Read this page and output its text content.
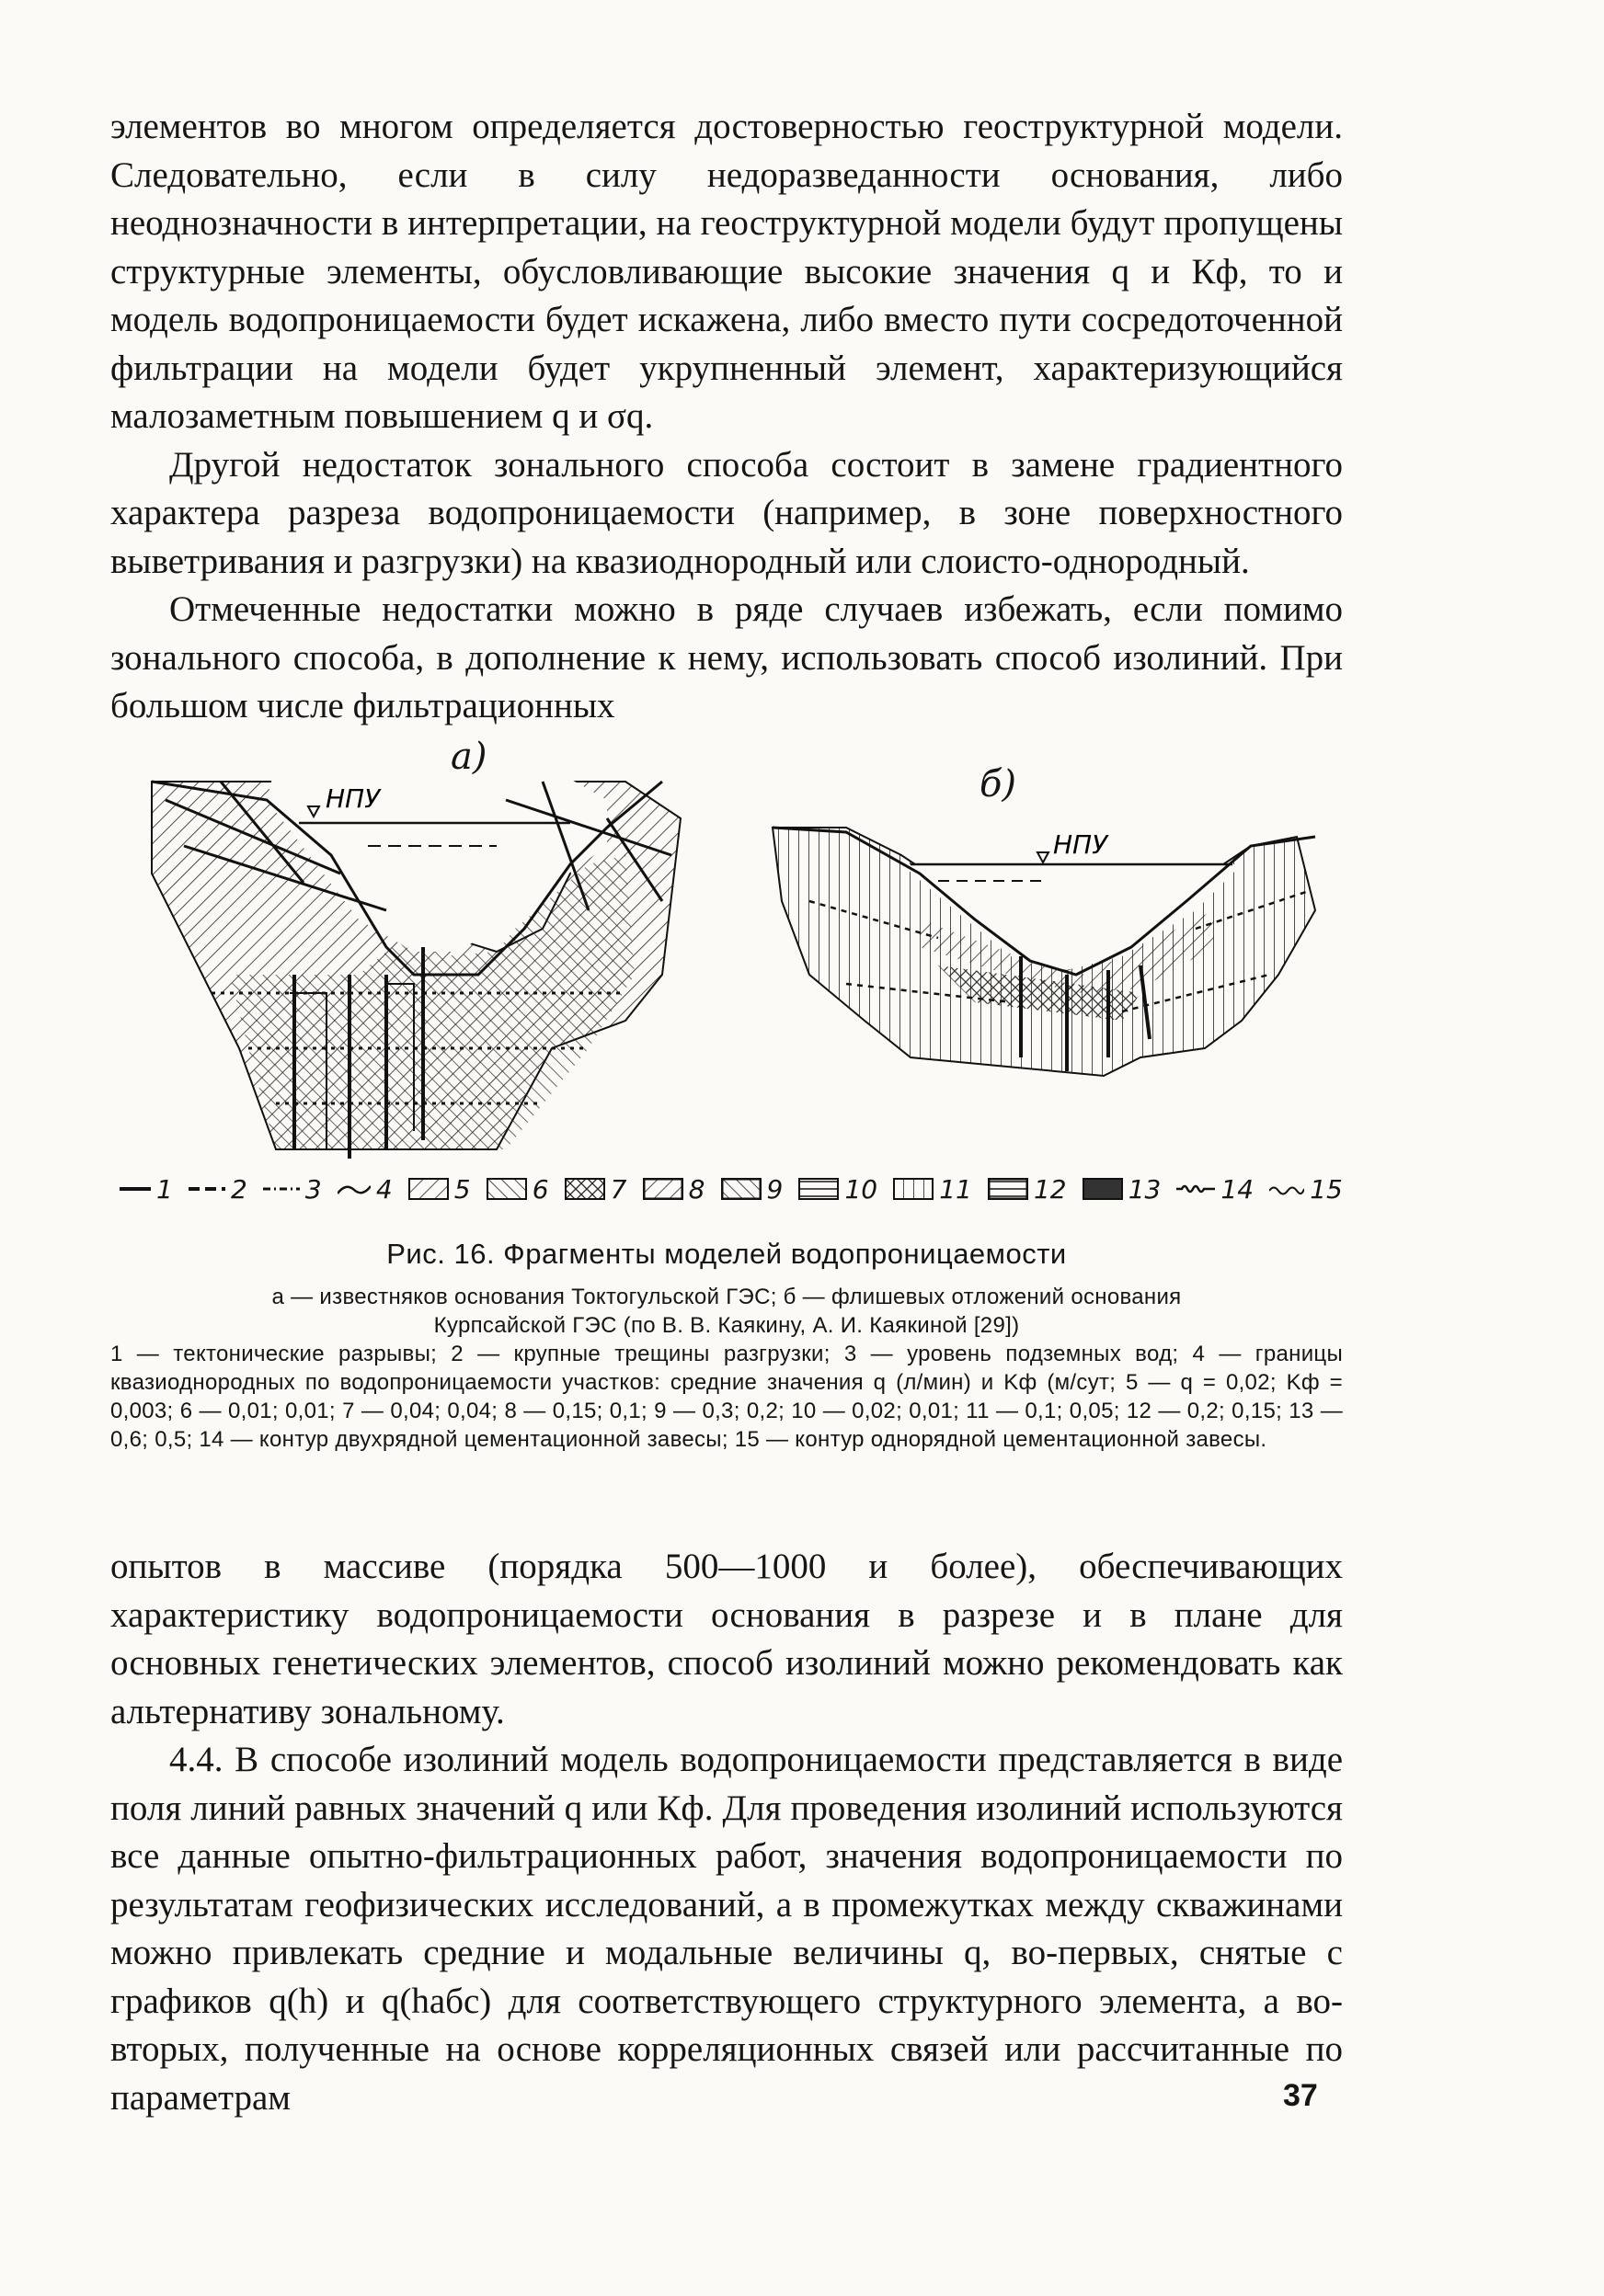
элементов во многом определяется достоверностью геоструктурной модели. Следовательно, если в силу недоразведанности основания, либо неоднозначности в интерпретации, на геоструктурной модели будут пропущены структурные элементы, обусловливающие высокие значения q и Кф, то и модель водопроницаемости будет искажена, либо вместо пути сосредоточенной фильтрации на модели будет укрупненный элемент, характеризующийся малозаметным повышением q и σq.

Другой недостаток зонального способа состоит в замене градиентного характера разреза водопроницаемости (например, в зоне поверхностного выветривания и разгрузки) на квазиоднородный или слоисто-однородный.

Отмеченные недостатки можно в ряде случаев избежать, если помимо зонального способа, в дополнение к нему, использовать способ изолиний. При большом числе фильтрационных

НПУ
НПУ
а)
б)
1 2 3 4 5 6 7 8 9 10 11 12 13 14 15
Рис. 16. Фрагменты моделей водопроницаемости

а — известняков основания Токтогульской ГЭС; б — флишевых отложений основания

Курпсайской ГЭС (по В. В. Каякину, А. И. Каякиной [29])

1 — тектонические разрывы; 2 — крупные трещины разгрузки; 3 — уровень подземных вод; 4 — границы квазиоднородных по водопроницаемости участков: средние значения q (л/мин) и Kф (м/сут; 5 — q = 0,02; Kф = 0,003; 6 — 0,01; 0,01; 7 — 0,04; 0,04; 8 — 0,15; 0,1; 9 — 0,3; 0,2; 10 — 0,02; 0,01; 11 — 0,1; 0,05; 12 — 0,2; 0,15; 13 — 0,6; 0,5; 14 — контур двухрядной цементационной завесы; 15 — контур однорядной цементационной завесы.

опытов в массиве (порядка 500—1000 и более), обеспечивающих характеристику водопроницаемости основания в разрезе и в плане для основных генетических элементов, способ изолиний можно рекомендовать как альтернативу зональному.

4.4. В способе изолиний модель водопроницаемости представляется в виде поля линий равных значений q или Кф. Для проведения изолиний используются все данные опытно-фильтрационных работ, значения водопроницаемости по результатам геофизических исследований, а в промежутках между скважинами можно привлекать средние и модальные величины q, во-первых, снятые с графиков q(h) и q(hабс) для соответствующего структурного элемента, а во-вторых, полученные на основе корреляционных связей или рассчитанные по параметрам	37
